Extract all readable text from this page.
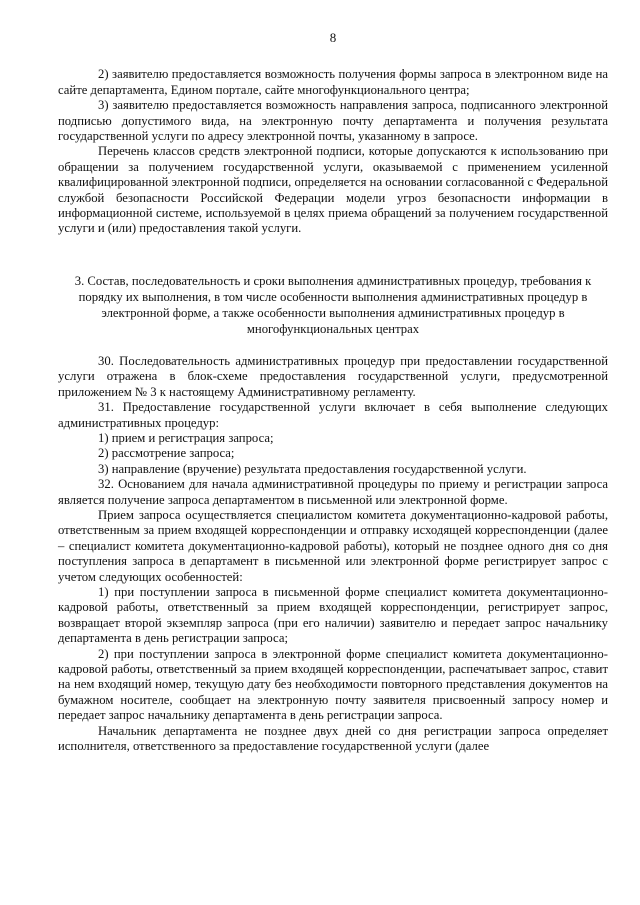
8

2) заявителю предоставляется возможность получения формы запроса в электронном виде на сайте департамента, Едином портале, сайте многофункционального центра;

3) заявителю предоставляется возможность направления запроса, подписанного электронной подписью допустимого вида, на электронную почту департамента и получения результата государственной услуги по адресу электронной почты, указанному в запросе.

Перечень классов средств электронной подписи, которые допускаются к использованию при обращении за получением государственной услуги, оказываемой с применением усиленной квалифицированной электронной подписи, определяется на основании согласованной с Федеральной службой безопасности Российской Федерации модели угроз безопасности информации в информационной системе, используемой в целях приема обращений за получением государственной услуги и (или) предоставления такой услуги.

3. Состав, последовательность и сроки выполнения административных процедур, требования к порядку их выполнения, в том числе особенности выполнения административных процедур в электронной форме, а также особенности выполнения административных процедур в многофункциональных центрах

30. Последовательность административных процедур при предоставлении государственной услуги отражена в блок-схеме предоставления государственной услуги, предусмотренной приложением № 3 к настоящему Административному регламенту.

31. Предоставление государственной услуги включает в себя выполнение следующих административных процедур:

1) прием и регистрация запроса;

2) рассмотрение запроса;

3) направление (вручение) результата предоставления государственной услуги.

32. Основанием для начала административной процедуры по приему и регистрации запроса является получение запроса департаментом в письменной или электронной форме.

Прием запроса осуществляется специалистом комитета документационно-кадровой работы, ответственным за прием входящей корреспонденции и отправку исходящей корреспонденции (далее – специалист комитета документационно-кадровой работы), который не позднее одного дня со дня поступления запроса в департамент в письменной или электронной форме регистрирует запрос с учетом следующих особенностей:

1) при поступлении запроса в письменной форме специалист комитета документационно-кадровой работы, ответственный за прием входящей корреспонденции, регистрирует запрос, возвращает второй экземпляр запроса (при его наличии) заявителю и передает запрос начальнику департамента в день регистрации запроса;

2) при поступлении запроса в электронной форме специалист комитета документационно-кадровой работы, ответственный за прием входящей корреспонденции, распечатывает запрос, ставит на нем входящий номер, текущую дату без необходимости повторного представления документов на бумажном носителе, сообщает на электронную почту заявителя присвоенный запросу номер и передает запрос начальнику департамента в день регистрации запроса.

Начальник департамента не позднее двух дней со дня регистрации запроса определяет исполнителя, ответственного за предоставление государственной услуги (далее
